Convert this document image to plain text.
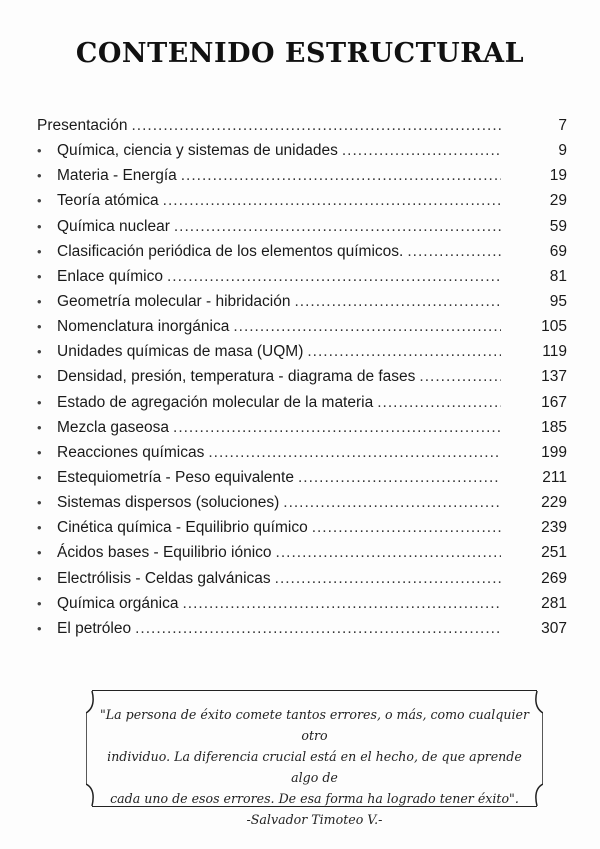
CONTENIDO ESTRUCTURAL
Presentación .....	7
• Química, ciencia y sistemas de unidades .....	9
• Materia - Energía .....	19
• Teoría atómica .....	29
• Química nuclear .....	59
• Clasificación periódica de los elementos químicos. .....	69
• Enlace químico .....	81
• Geometría molecular - hibridación .....	95
• Nomenclatura inorgánica .....	105
• Unidades químicas de masa (UQM) .....	119
• Densidad, presión, temperatura - diagrama de fases .....	137
• Estado de agregación molecular de la materia .....	167
• Mezcla gaseosa .....	185
• Reacciones químicas .....	199
• Estequiometría - Peso equivalente .....	211
• Sistemas dispersos (soluciones) .....	229
• Cinética química - Equilibrio químico .....	239
• Ácidos bases - Equilibrio iónico .....	251
• Electrólisis - Celdas galvánicas .....	269
• Química orgánica .....	281
• El petróleo .....	307
"La persona de éxito comete tantos errores, o más, como cualquier otro
individuo. La diferencia crucial está en el hecho, de que aprende algo de
cada uno de esos errores. De esa forma ha logrado tener éxito".
-Salvador Timoteo V.-
